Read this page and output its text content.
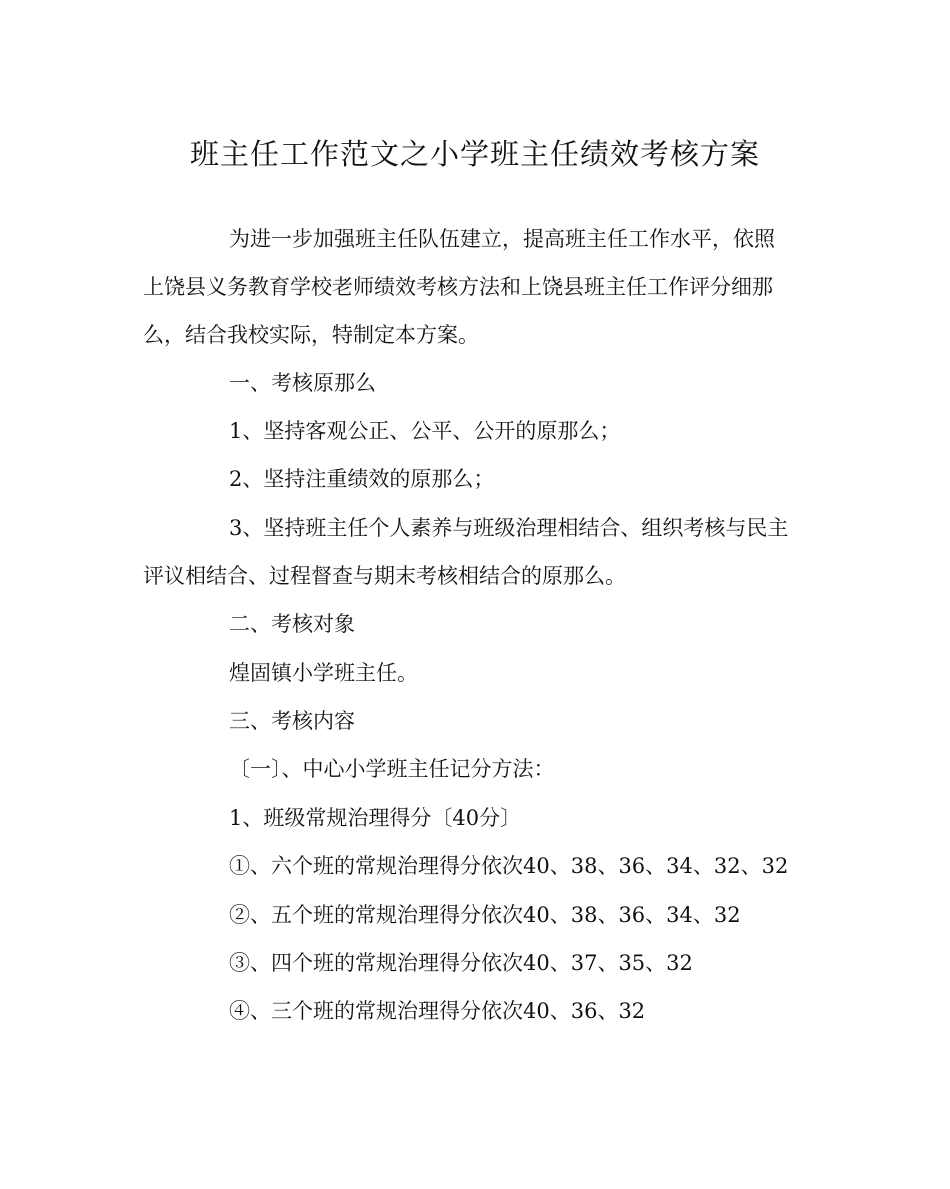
班主任工作范文之小学班主任绩效考核方案
为进一步加强班主任队伍建立，提高班主任工作水平，依照
上饶县义务教育学校老师绩效考核方法和上饶县班主任工作评分细那
么，结合我校实际，特制定本方案。
一、考核原那么
1、坚持客观公正、公平、公开的原那么；
2、坚持注重绩效的原那么；
3、坚持班主任个人素养与班级治理相结合、组织考核与民主
评议相结合、过程督查与期末考核相结合的原那么。
二、考核对象
煌固镇小学班主任。
三、考核内容
〔一〕、中心小学班主任记分方法：
1、班级常规治理得分〔40分〕
①、六个班的常规治理得分依次40、38、36、34、32、32
②、五个班的常规治理得分依次40、38、36、34、32
③、四个班的常规治理得分依次40、37、35、32
④、三个班的常规治理得分依次40、36、32
